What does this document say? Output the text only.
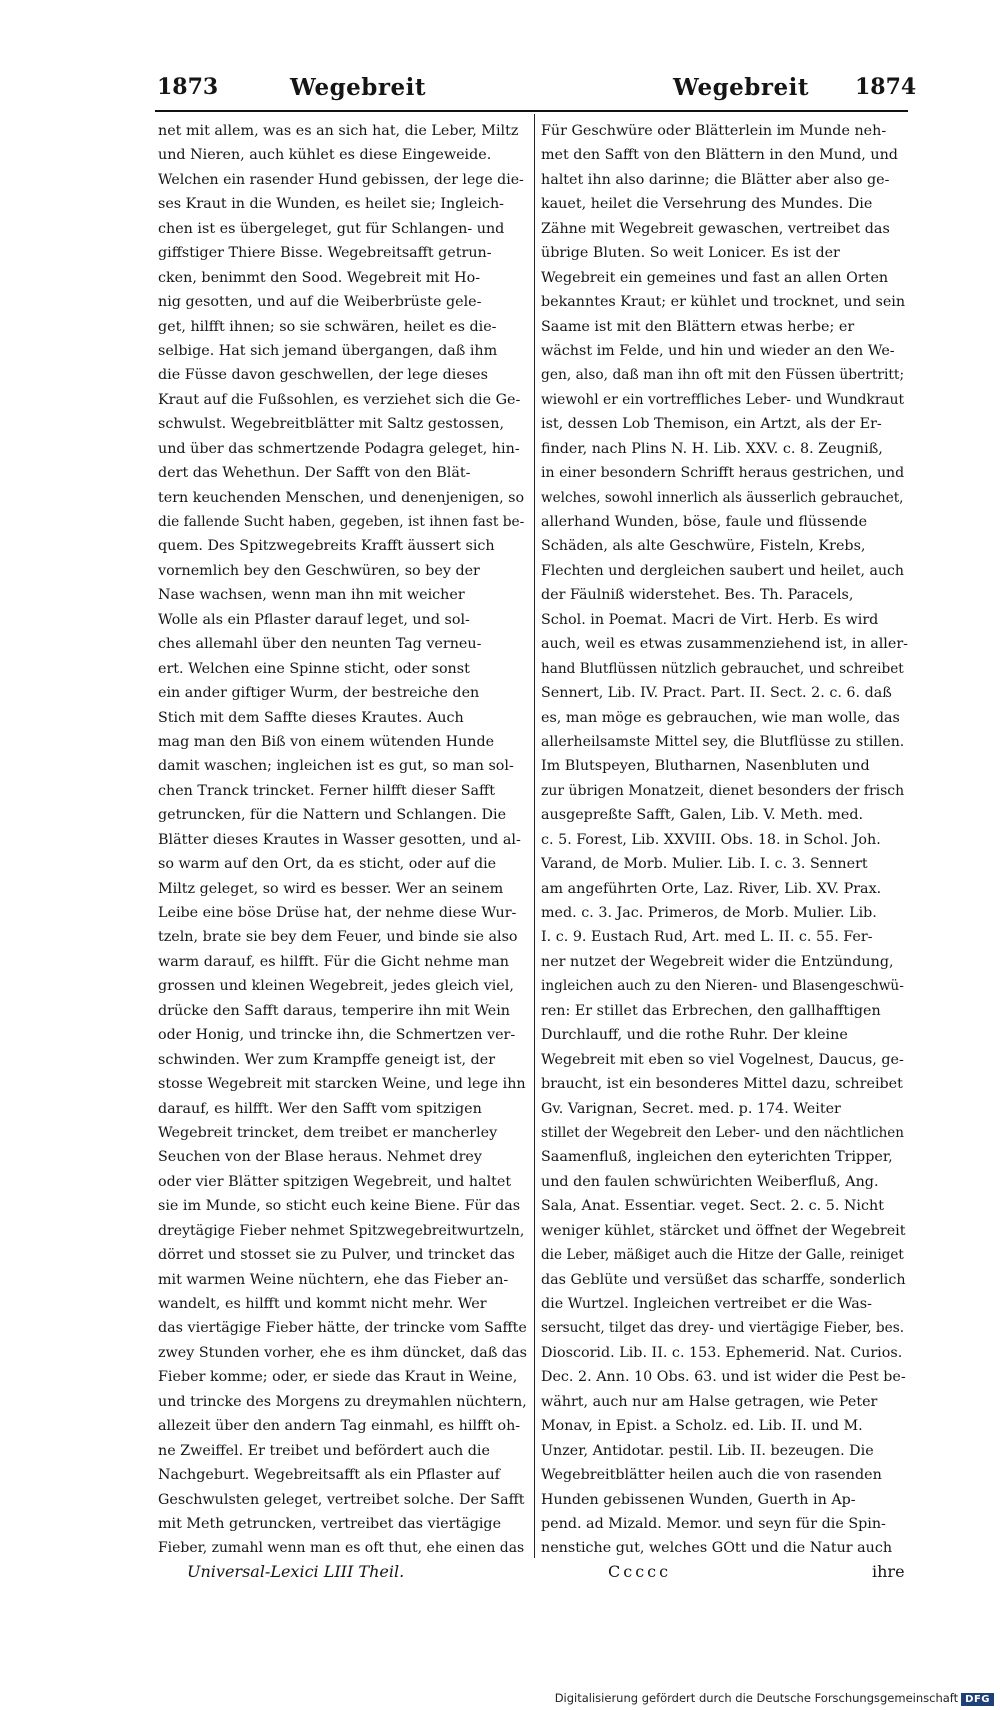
1873	Wegebreit	Wegebreit 1874
net mit allem, was es an sich hat, die Leber, Miltz
und Nieren, auch kühlet es diese Eingeweide.
Welchen ein rasender Hund gebissen, der lege die-
ses Kraut in die Wunden, es heilet sie; Ingleich-
chen ist es übergeleget, gut für Schlangen- und
giffstiger Thiere Bisse. Wegebreitsafft getrun-
cken, benimmt den Sood. Wegebreit mit Ho-
nig gesotten, und auf die Weiberbrüste gele-
get, hilfft ihnen; so sie schwären, heilet es die-
selbige. Hat sich jemand übergangen, daß ihm
die Füsse davon geschwellen, der lege dieses
Kraut auf die Fußsohlen, es verziehet sich die Ge-
schwulst. Wegebreitblätter mit Saltz gestossen,
und über das schmertzende Podagra geleget, hin-
dert das Wehethun. Der Safft von den Blät-
tern keuchenden Menschen, und denenjenigen, so
die fallende Sucht haben, gegeben, ist ihnen fast be-
quem. Des Spitzwegebreits Krafft äussert sich
vornemlich bey den Geschwüren, so bey der
Nase wachsen, wenn man ihn mit weicher
Wolle als ein Pflaster darauf leget, und sol-
ches allemahl über den neunten Tag verneu-
ert. Welchen eine Spinne sticht, oder sonst
ein ander giftiger Wurm, der bestreiche den
Stich mit dem Saffte dieses Krautes. Auch
mag man den Biß von einem wütenden Hunde
damit waschen; ingleichen ist es gut, so man sol-
chen Tranck trincket. Ferner hilfft dieser Safft
getruncken, für die Nattern und Schlangen. Die
Blätter dieses Krautes in Wasser gesotten, und al-
so warm auf den Ort, da es sticht, oder auf die
Miltz geleget, so wird es besser. Wer an seinem
Leibe eine böse Drüse hat, der nehme diese Wur-
tzeln, brate sie bey dem Feuer, und binde sie also
warm darauf, es hilfft. Für die Gicht nehme man
grossen und kleinen Wegebreit, jedes gleich viel,
drücke den Safft daraus, temperire ihn mit Wein
oder Honig, und trincke ihn, die Schmertzen ver-
schwinden. Wer zum Krampffe geneigt ist, der
stosse Wegebreit mit starcken Weine, und lege ihn
darauf, es hilfft. Wer den Safft vom spitzigen
Wegebreit trincket, dem treibet er mancherley
Seuchen von der Blase heraus. Nehmet drey
oder vier Blätter spitzigen Wegebreit, und haltet
sie im Munde, so sticht euch keine Biene. Für das
dreytägige Fieber nehmet Spitzwegebreitwurtzeln,
dörret und stosset sie zu Pulver, und trincket das
mit warmen Weine nüchtern, ehe das Fieber an-
wandelt, es hilfft und kommt nicht mehr. Wer
das viertägige Fieber hätte, der trincke vom Saffte
zwey Stunden vorher, ehe es ihm düncket, daß das
Fieber komme; oder, er siede das Kraut in Weine,
und trincke des Morgens zu dreymahlen nüchtern,
allezeit über den andern Tag einmahl, es hilfft oh-
ne Zweiffel. Er treibet und befördert auch die
Nachgeburt. Wegebreitsafft als ein Pflaster auf
Geschwulsten geleget, vertreibet solche. Der Safft
mit Meth getruncken, vertreibet das viertägige
Fieber, zumahl wenn man es oft thut, ehe einen das
Für Geschwüre oder Blätterlein im Munde neh-
met den Safft von den Blättern in den Mund, und
haltet ihn also darinne; die Blätter aber also ge-
kauet, heilet die Versehrung des Mundes. Die
Zähne mit Wegebreit gewaschen, vertreibet das
übrige Bluten. So weit Lonicer. Es ist der
Wegebreit ein gemeines und fast an allen Orten
bekanntes Kraut; er kühlet und trocknet, und sein
Saame ist mit den Blättern etwas herbe; er
wächst im Felde, und hin und wieder an den We-
gen, also, daß man ihn oft mit den Füssen übertritt;
wiewohl er ein vortreffliches Leber- und Wundkraut
ist, dessen Lob Themison, ein Artzt, als der Er-
finder, nach Plins N. H. Lib. XXV. c. 8. Zeugniß,
in einer besondern Schrifft heraus gestrichen, und
welches, sowohl innerlich als äusserlich gebrauchet,
allerhand Wunden, böse, faule und flüssende
Schäden, als alte Geschwüre, Fisteln, Krebs,
Flechten und dergleichen saubert und heilet, auch
der Fäulniß widerstehet. Bes. Th. Paracels,
Schol. in Poemat. Macri de Virt. Herb. Es wird
auch, weil es etwas zusammenziehend ist, in aller-
hand Blutflüssen nützlich gebrauchet, und schreibet
Sennert, Lib. IV. Pract. Part. II. Sect. 2. c. 6. daß
es, man möge es gebrauchen, wie man wolle, das
allerheilsamste Mittel sey, die Blutflüsse zu stillen.
Im Blutspeyen, Blutharnen, Nasenbluten und
zur übrigen Monatzeit, dienet besonders der frisch
ausgepreßte Safft, Galen, Lib. V. Meth. med.
c. 5. Forest, Lib. XXVIII. Obs. 18. in Schol. Joh.
Varand, de Morb. Mulier. Lib. I. c. 3. Sennert
am angeführten Orte, Laz. River, Lib. XV. Prax.
med. c. 3. Jac. Primeros, de Morb. Mulier. Lib.
I. c. 9. Eustach Rud, Art. med L. II. c. 55. Fer-
ner nutzet der Wegebreit wider die Entzündung,
ingleichen auch zu den Nieren- und Blasengeschwü-
ren: Er stillet das Erbrechen, den gallhafftigen
Durchlauff, und die rothe Ruhr. Der kleine
Wegebreit mit eben so viel Vogelnest, Daucus, ge-
braucht, ist ein besonderes Mittel dazu, schreibet
Gv. Varignan, Secret. med. p. 174. Weiter
stillet der Wegebreit den Leber- und den nächtlichen
Saamenfluß, ingleichen den eyterichten Tripper,
und den faulen schwürichten Weiberfluß, Ang.
Sala, Anat. Essentiar. veget. Sect. 2. c. 5. Nicht
weniger kühlet, stärcket und öffnet der Wegebreit
die Leber, mäßiget auch die Hitze der Galle, reiniget
das Geblüte und versüßet das scharffe, sonderlich
die Wurtzel. Ingleichen vertreibet er die Was-
sersucht, tilget das drey- und viertägige Fieber, bes.
Dioscorid. Lib. II. c. 153. Ephemerid. Nat. Curios.
Dec. 2. Ann. 10 Obs. 63. und ist wider die Pest be-
währt, auch nur am Halse getragen, wie Peter
Monav, in Epist. a Scholz. ed. Lib. II. und M.
Unzer, Antidotar. pestil. Lib. II. bezeugen. Die
Wegebreitblätter heilen auch die von rasenden
Hunden gebissenen Wunden, Guerth in Ap-
pend. ad Mizald. Memor. und seyn für die Spin-
nenstiche gut, welches GOtt und die Natur auch
Universal-Lexici LIII Theil.	Ccccc	ihre
Digitalisierung gefördert durch die Deutsche Forschungsgemeinschaft DFG
